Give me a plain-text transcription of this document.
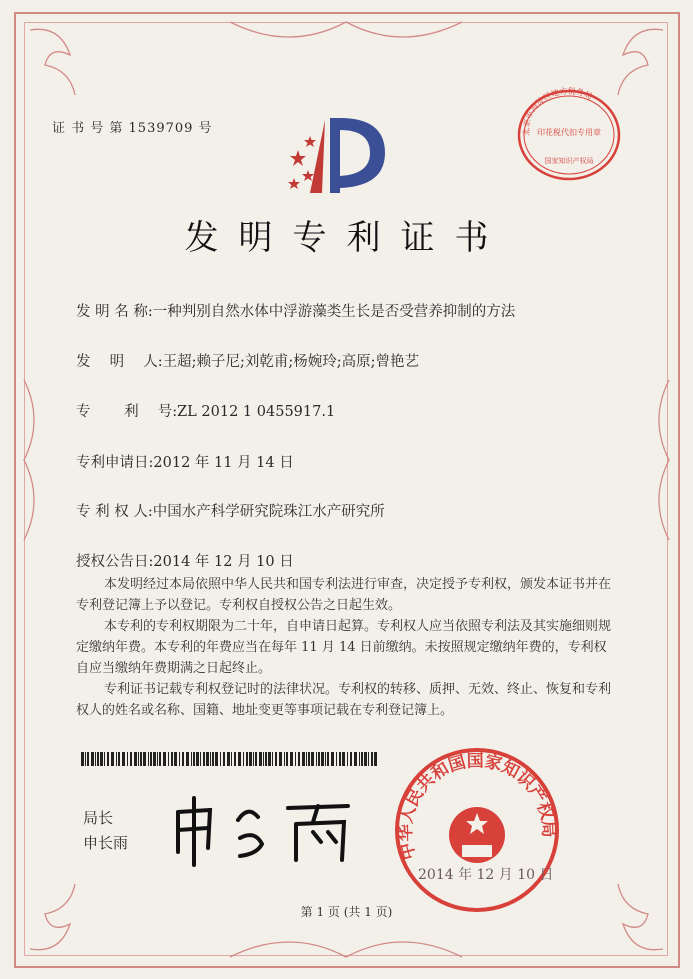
证 书 号 第 1539709 号
发明专利证书
发 明 名 称:一种判别自然水体中浮游藻类生长是否受营养抑制的方法
发　 明　 人:王超;赖子尼;刘乾甫;杨婉玲;高原;曾艳艺
专　　 利　 号:ZL 2012 1 0455917.1
专利申请日:2012 年 11 月 14 日
专 利 权 人:中国水产科学研究院珠江水产研究所
授权公告日:2014 年 12 月 10 日

本发明经过本局依照中华人民共和国专利法进行审查，决定授予专利权，颁发本证书并在专利登记簿上予以登记。专利权自授权公告之日起生效。

本专利的专利权期限为二十年，自申请日起算。专利权人应当依照专利法及其实施细则规定缴纳年费。本专利的年费应当在每年 11 月 14 日前缴纳。未按照规定缴纳年费的，专利权自应当缴纳年费期满之日起终止。

专利证书记载专利权登记时的法律状况。专利权的转移、质押、无效、终止、恢复和专利权人的姓名或名称、国籍、地址变更等事项记载在专利登记簿上。

局长
申长雨
北京市海淀区地方税务局
印花税代扣专用章
国家知识产权局
中华人民共和国国家知识产权局
2014 年 12 月 10 日
第 1 页 (共 1 页)
